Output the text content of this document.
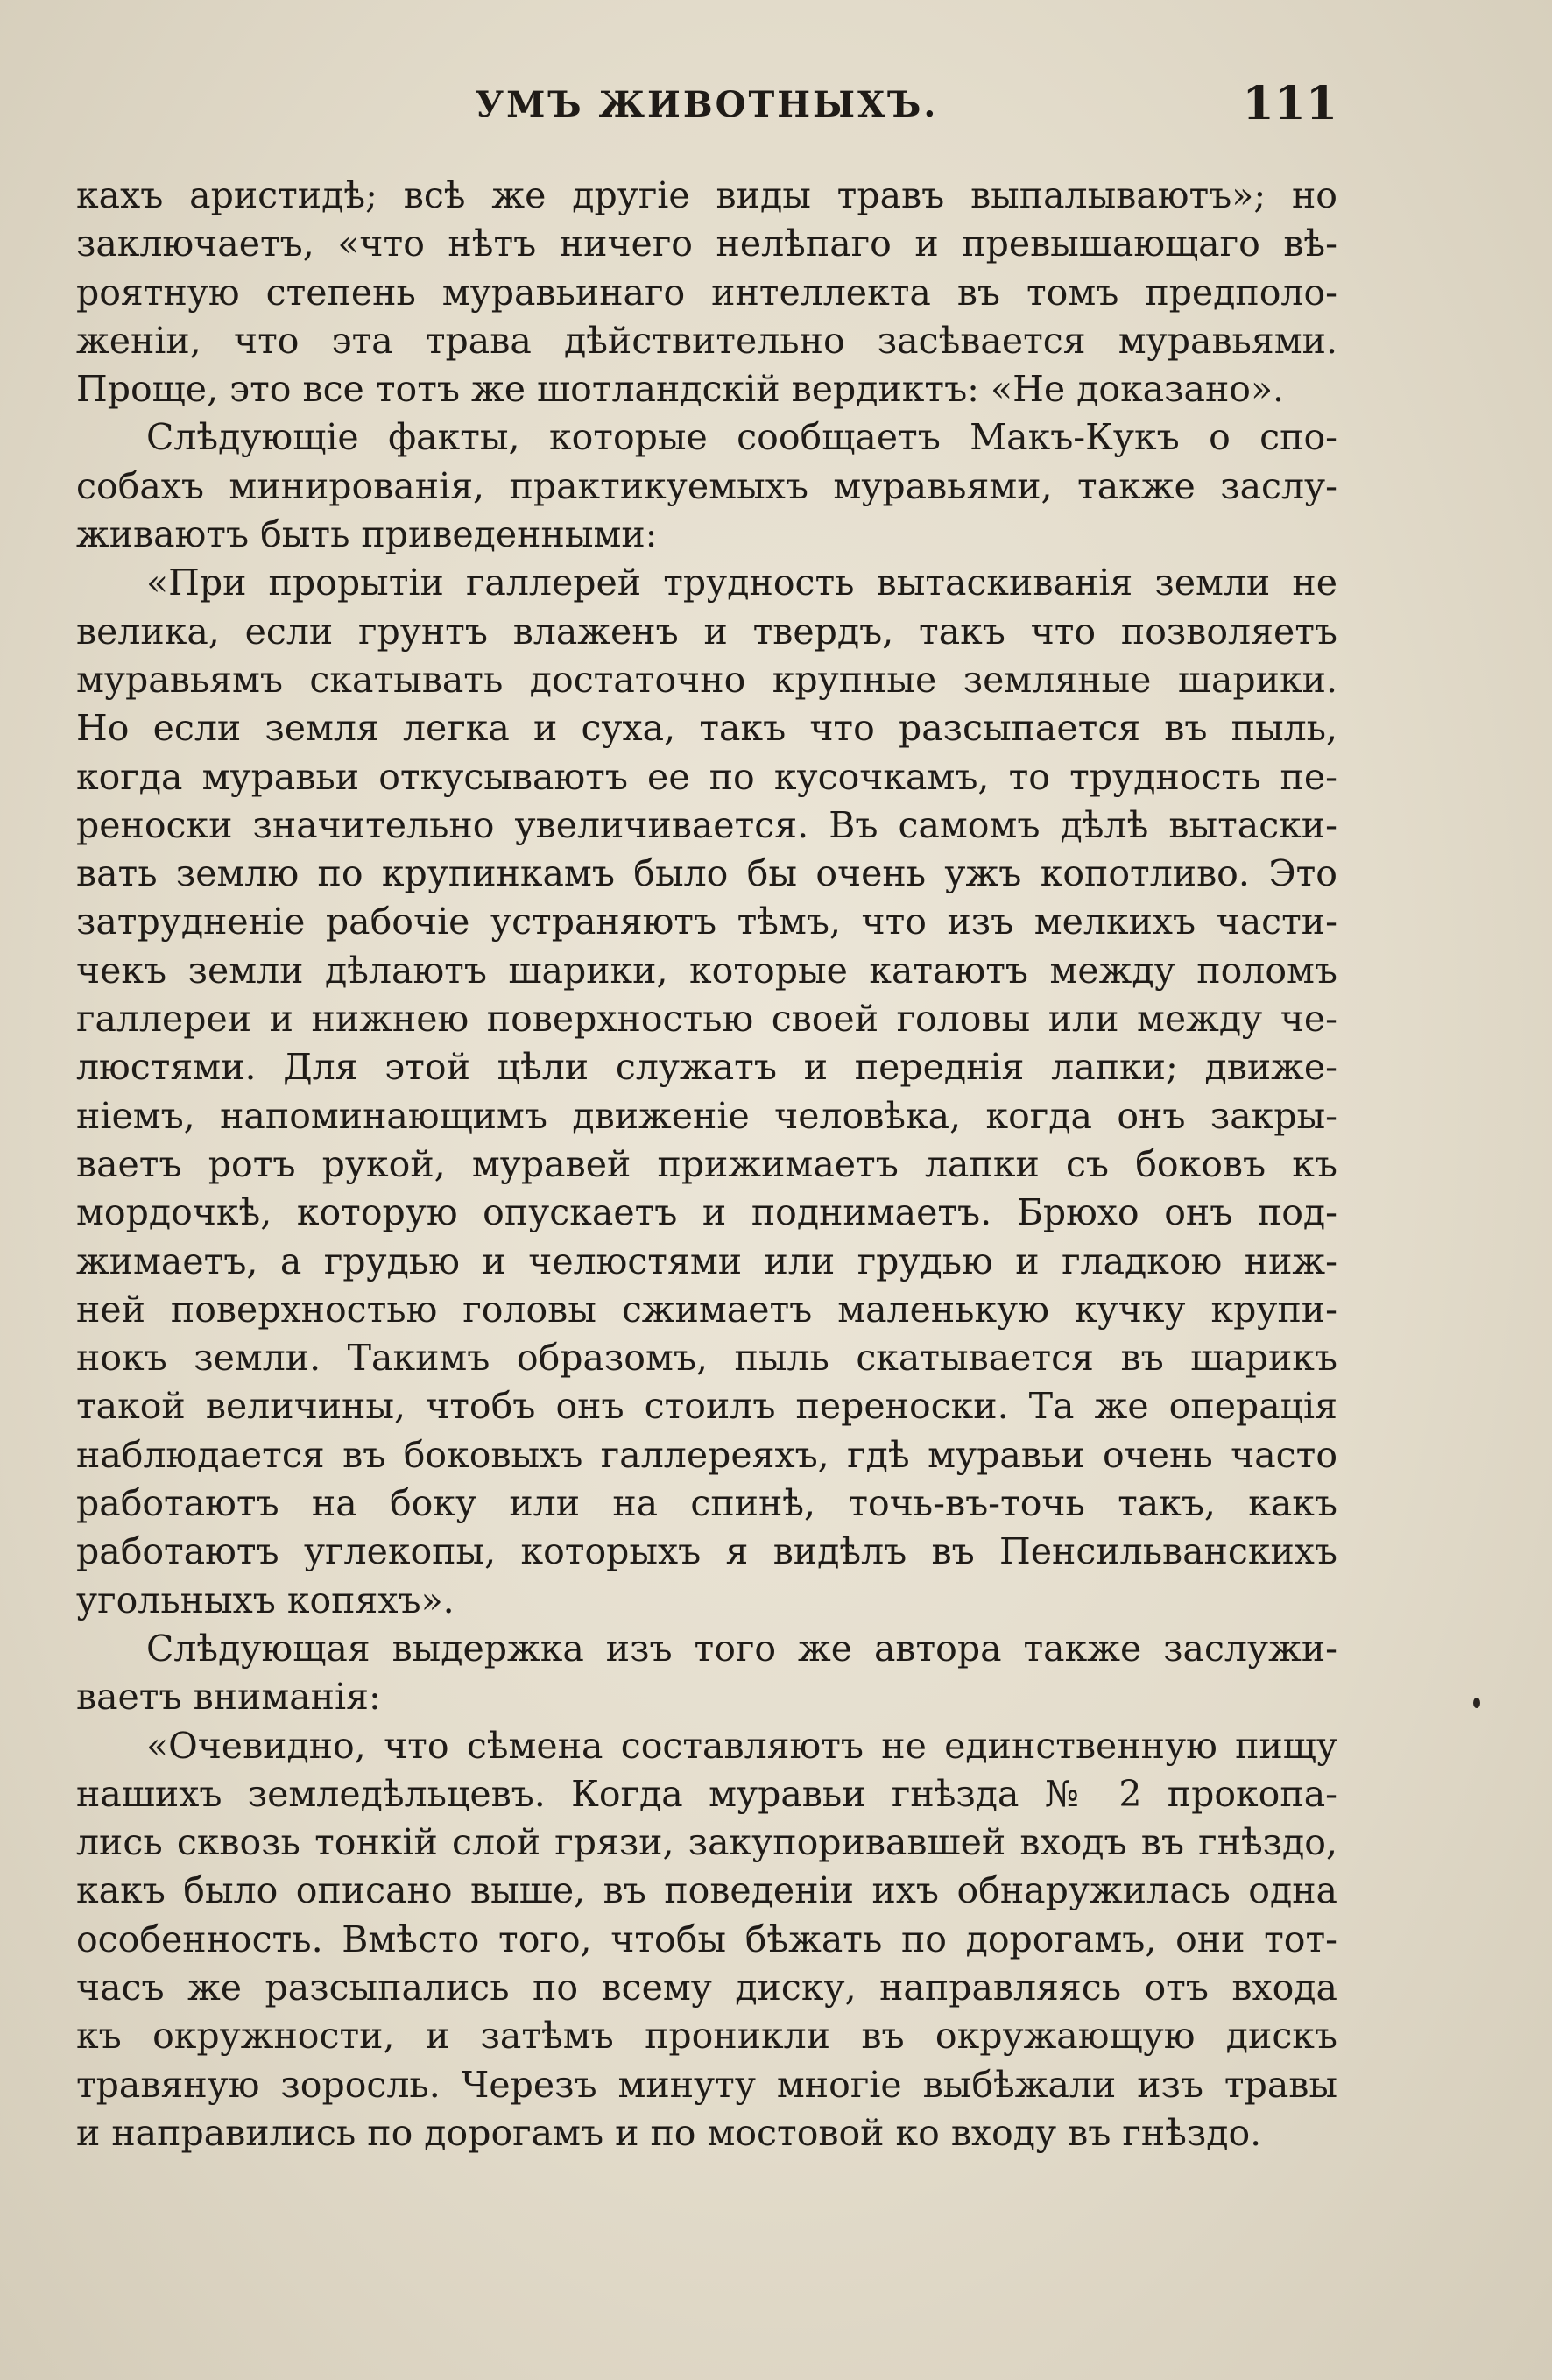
УМЪ ЖИВОТНЫХЪ.	111
кахъ аристидѣ; всѣ же другіе виды травъ выпалываютъ»; но
заключаетъ, «что нѣтъ ничего нелѣпаго и превышающаго вѣ-
роятную степень муравьинаго интеллекта въ томъ предполо-
женіи, что эта трава дѣйствительно засѣвается муравьями.
Проще, это все тотъ же шотландскій вердиктъ: «Не доказано».
Слѣдующіе факты, которые сообщаетъ Макъ-Кукъ о спо-
собахъ минированія, практикуемыхъ муравьями, также заслу-
живаютъ быть приведенными:
«При прорытіи галлерей трудность вытаскиванія земли не
велика, если грунтъ влаженъ и твердъ, такъ что позволяетъ
муравьямъ скатывать достаточно крупные земляные шарики.
Но если земля легка и суха, такъ что разсыпается въ пыль,
когда муравьи откусываютъ ее по кусочкамъ, то трудность пе-
реноски значительно увеличивается. Въ самомъ дѣлѣ вытаски-
вать землю по крупинкамъ было бы очень ужъ копотливо. Это
затрудненіе рабочіе устраняютъ тѣмъ, что изъ мелкихъ части-
чекъ земли дѣлаютъ шарики, которые катаютъ между поломъ
галлереи и нижнею поверхностью своей головы или между че-
люстями. Для этой цѣли служатъ и переднія лапки; движе-
ніемъ, напоминающимъ движеніе человѣка, когда онъ закры-
ваетъ ротъ рукой, муравей прижимаетъ лапки съ боковъ къ
мордочкѣ, которую опускаетъ и поднимаетъ. Брюхо онъ под-
жимаетъ, а грудью и челюстями или грудью и гладкою ниж-
ней поверхностью головы сжимаетъ маленькую кучку крупи-
нокъ земли. Такимъ образомъ, пыль скатывается въ шарикъ
такой величины, чтобъ онъ стоилъ переноски. Та же операція
наблюдается въ боковыхъ галлереяхъ, гдѣ муравьи очень часто
работаютъ на боку или на спинѣ, точь-въ-точь такъ, какъ
работаютъ углекопы, которыхъ я видѣлъ въ Пенсильванскихъ
угольныхъ копяхъ».
Слѣдующая выдержка изъ того же автора также заслужи-
ваетъ вниманія:
«Очевидно, что сѣмена составляютъ не единственную пищу
нашихъ земледѣльцевъ. Когда муравьи гнѣзда № 2 прокопа-
лись сквозь тонкій слой грязи, закупоривавшей входъ въ гнѣздо,
какъ было описано выше, въ поведеніи ихъ обнаружилась одна
особенность. Вмѣсто того, чтобы бѣжать по дорогамъ, они тот-
часъ же разсыпались по всему диску, направляясь отъ входа
къ окружности, и затѣмъ проникли въ окружающую дискъ
травяную зоросль. Черезъ минуту многіе выбѣжали изъ травы
и направились по дорогамъ и по мостовой ко входу въ гнѣздо.
